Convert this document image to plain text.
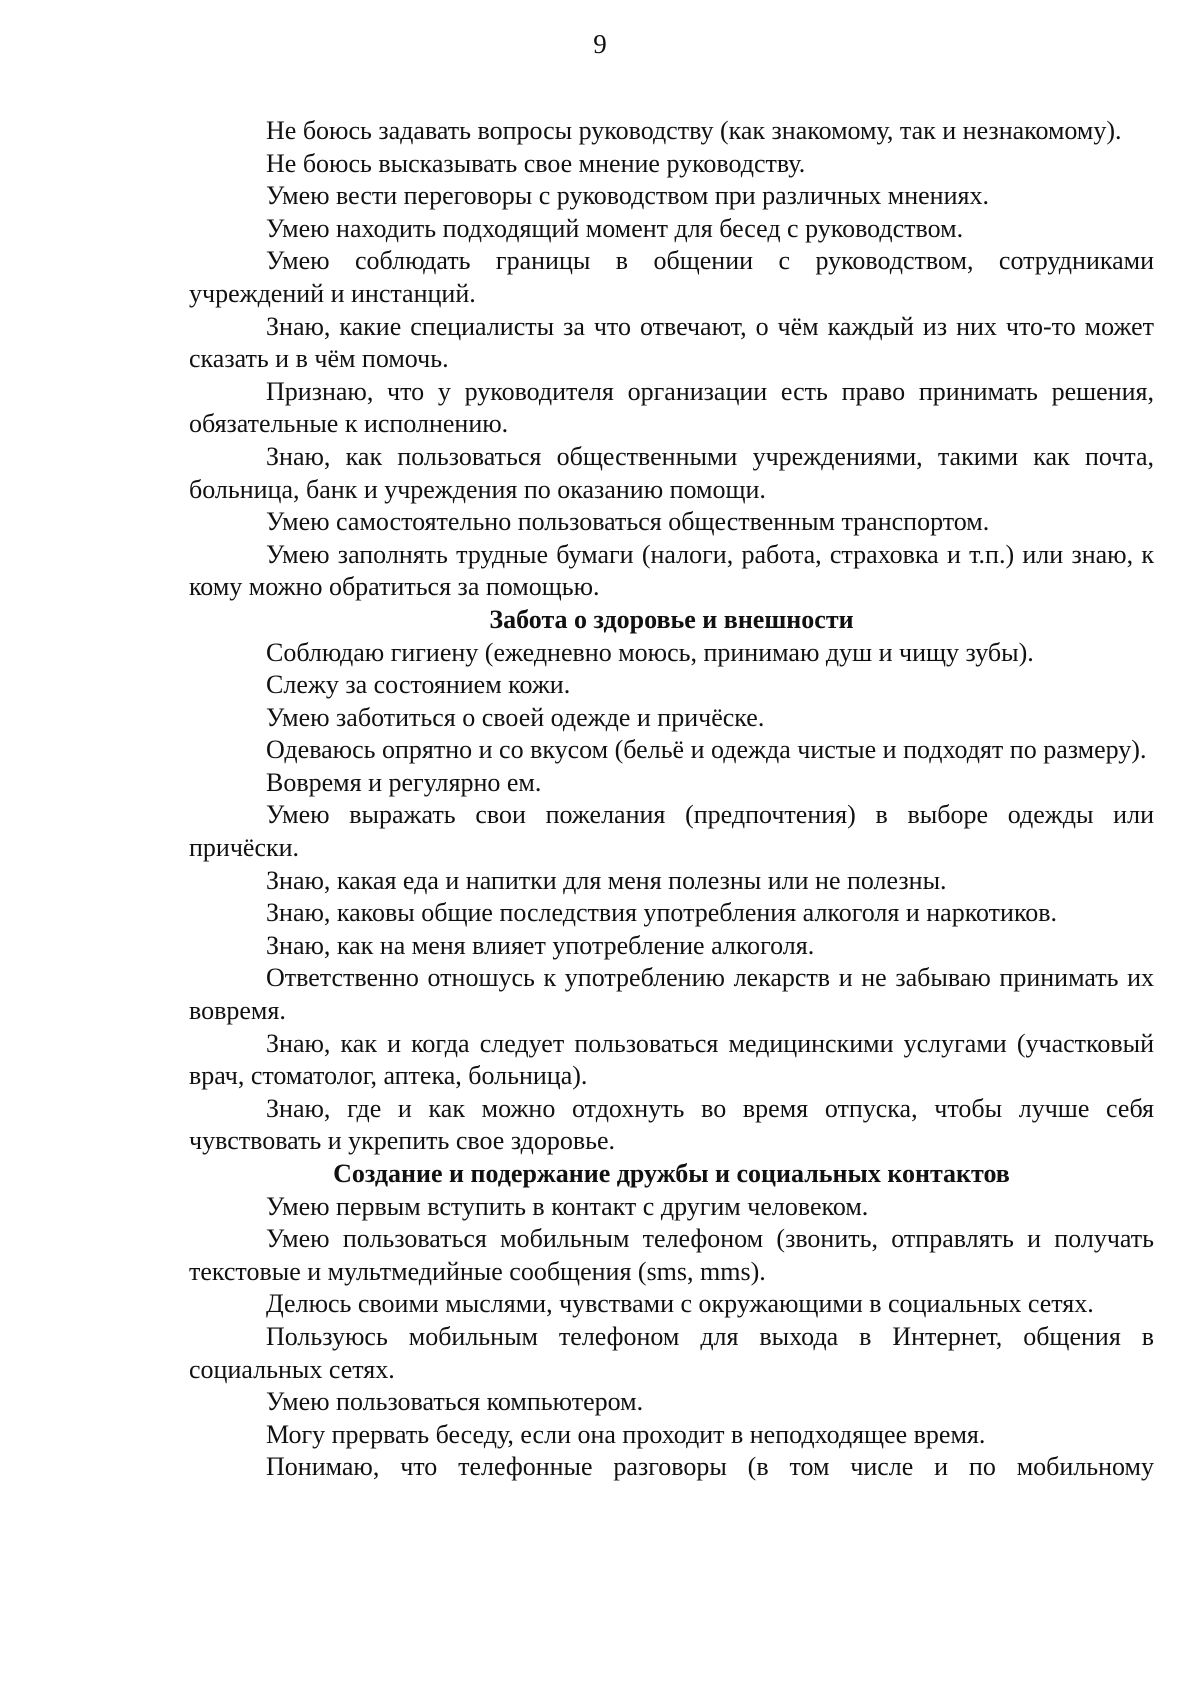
9

Не боюсь задавать вопросы руководству (как знакомому, так и незнакомому).

Не боюсь высказывать свое мнение руководству.

Умею вести переговоры с руководством при различных мнениях.

Умею находить подходящий момент для бесед с руководством.

Умею соблюдать границы в общении с руководством, сотрудниками учреждений и инстанций.

Знаю, какие специалисты за что отвечают, о чём каждый из них что-то может сказать и в чём помочь.

Признаю, что у руководителя организации есть право принимать решения, обязательные к исполнению.

Знаю, как пользоваться общественными учреждениями, такими как почта, больница, банк и учреждения по оказанию помощи.

Умею самостоятельно пользоваться общественным транспортом.

Умею заполнять трудные бумаги (налоги, работа, страховка и т.п.) или знаю, к кому можно обратиться за помощью.

Забота о здоровье и внешности

Соблюдаю гигиену (ежедневно моюсь, принимаю душ и чищу зубы).

Слежу за состоянием кожи.

Умею заботиться о своей одежде и причёске.

Одеваюсь опрятно и со вкусом (бельё и одежда чистые и подходят по размеру).

Вовремя и регулярно ем.

Умею выражать свои пожелания (предпочтения) в выборе одежды или причёски.

Знаю, какая еда и напитки для меня полезны или не полезны.

Знаю, каковы общие последствия употребления алкоголя и наркотиков.

Знаю, как на меня влияет употребление алкоголя.

Ответственно отношусь к употреблению лекарств и не забываю принимать их вовремя.

Знаю, как и когда следует пользоваться медицинскими услугами (участковый врач, стоматолог, аптека, больница).

Знаю, где и как можно отдохнуть во время отпуска, чтобы лучше себя чувствовать и укрепить свое здоровье.

Создание и подержание дружбы и социальных контактов

Умею первым вступить в контакт с другим человеком.

Умею пользоваться мобильным телефоном (звонить, отправлять и получать текстовые и мультмедийные сообщения (sms, mms).

Делюсь своими мыслями, чувствами с окружающими в социальных сетях.

Пользуюсь мобильным телефоном для выхода в Интернет, общения в социальных сетях.

Умею пользоваться компьютером.

Могу прервать беседу, если она проходит в неподходящее время.

Понимаю, что телефонные разговоры (в том числе и по мобильному
